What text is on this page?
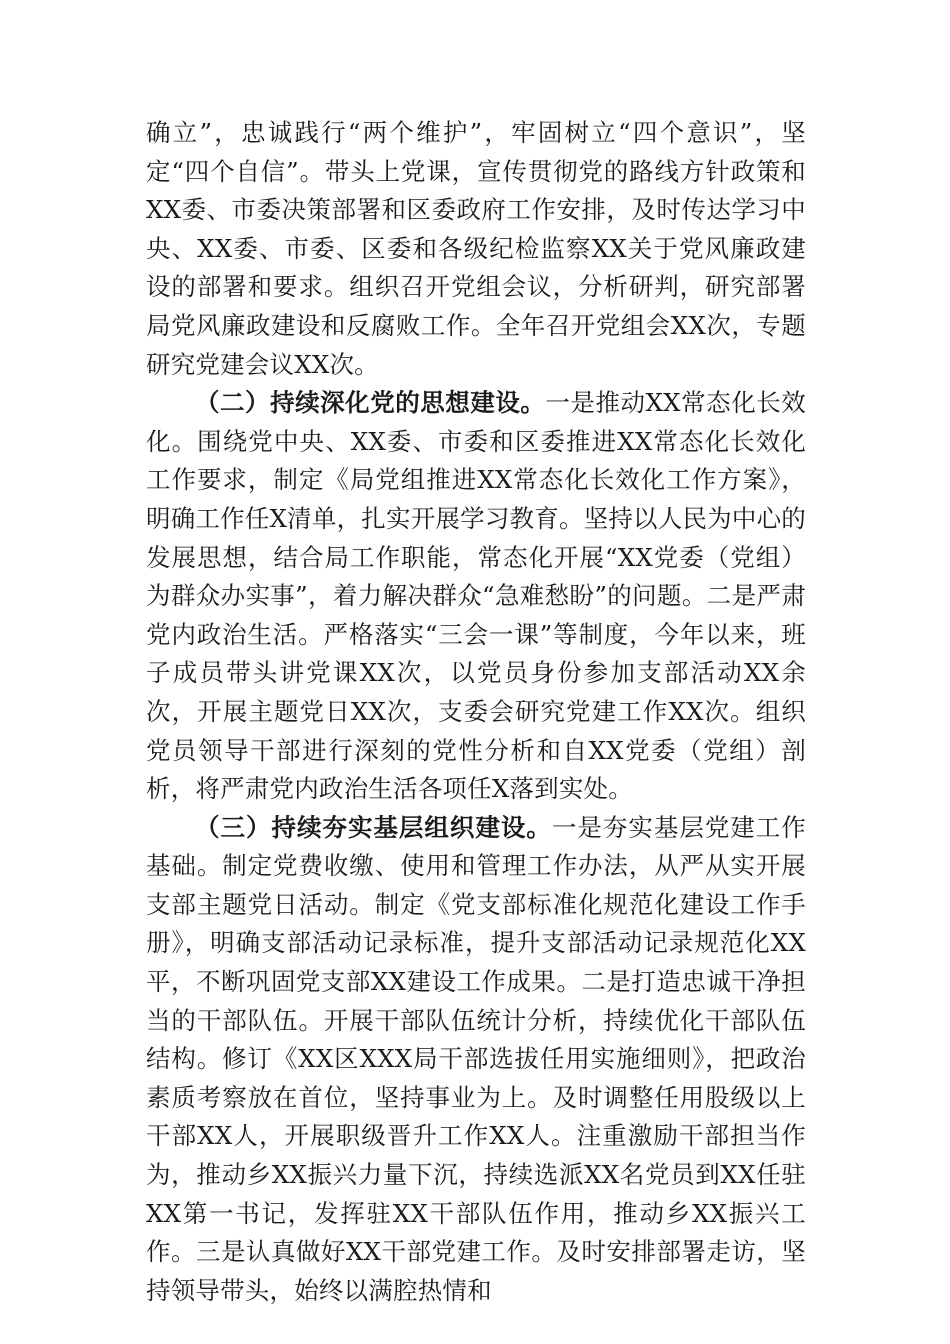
确立”，忠诚践行“两个维护”，牢固树立“四个意识”，坚定“四个自信”。带头上党课，宣传贯彻党的路线方针政策和XX委、市委决策部署和区委政府工作安排，及时传达学习中央、XX委、市委、区委和各级纪检监察XX关于党风廉政建设的部署和要求。组织召开党组会议，分析研判，研究部署局党风廉政建设和反腐败工作。全年召开党组会XX次，专题研究党建会议XX次。

（二）持续深化党的思想建设。一是推动XX常态化长效化。围绕党中央、XX委、市委和区委推进XX常态化长效化工作要求，制定《局党组推进XX常态化长效化工作方案》，明确工作任X清单，扎实开展学习教育。坚持以人民为中心的发展思想，结合局工作职能，常态化开展“XX党委（党组）为群众办实事”，着力解决群众“急难愁盼”的问题。二是严肃党内政治生活。严格落实“三会一课”等制度，今年以来，班子成员带头讲党课XX次，以党员身份参加支部活动XX余次，开展主题党日XX次，支委会研究党建工作XX次。组织党员领导干部进行深刻的党性分析和自XX党委（党组）剖析，将严肃党内政治生活各项任X落到实处。

（三）持续夯实基层组织建设。一是夯实基层党建工作基础。制定党费收缴、使用和管理工作办法，从严从实开展支部主题党日活动。制定《党支部标准化规范化建设工作手册》，明确支部活动记录标准，提升支部活动记录规范化XX平，不断巩固党支部XX建设工作成果。二是打造忠诚干净担当的干部队伍。开展干部队伍统计分析，持续优化干部队伍结构。修订《XX区XXX局干部选拔任用实施细则》，把政治素质考察放在首位，坚持事业为上。及时调整任用股级以上干部XX人，开展职级晋升工作XX人。注重激励干部担当作为，推动乡XX振兴力量下沉，持续选派XX名党员到XX任驻XX第一书记，发挥驻XX干部队伍作用，推动乡XX振兴工作。三是认真做好XX干部党建工作。及时安排部署走访，坚持领导带头，始终以满腔热情和
